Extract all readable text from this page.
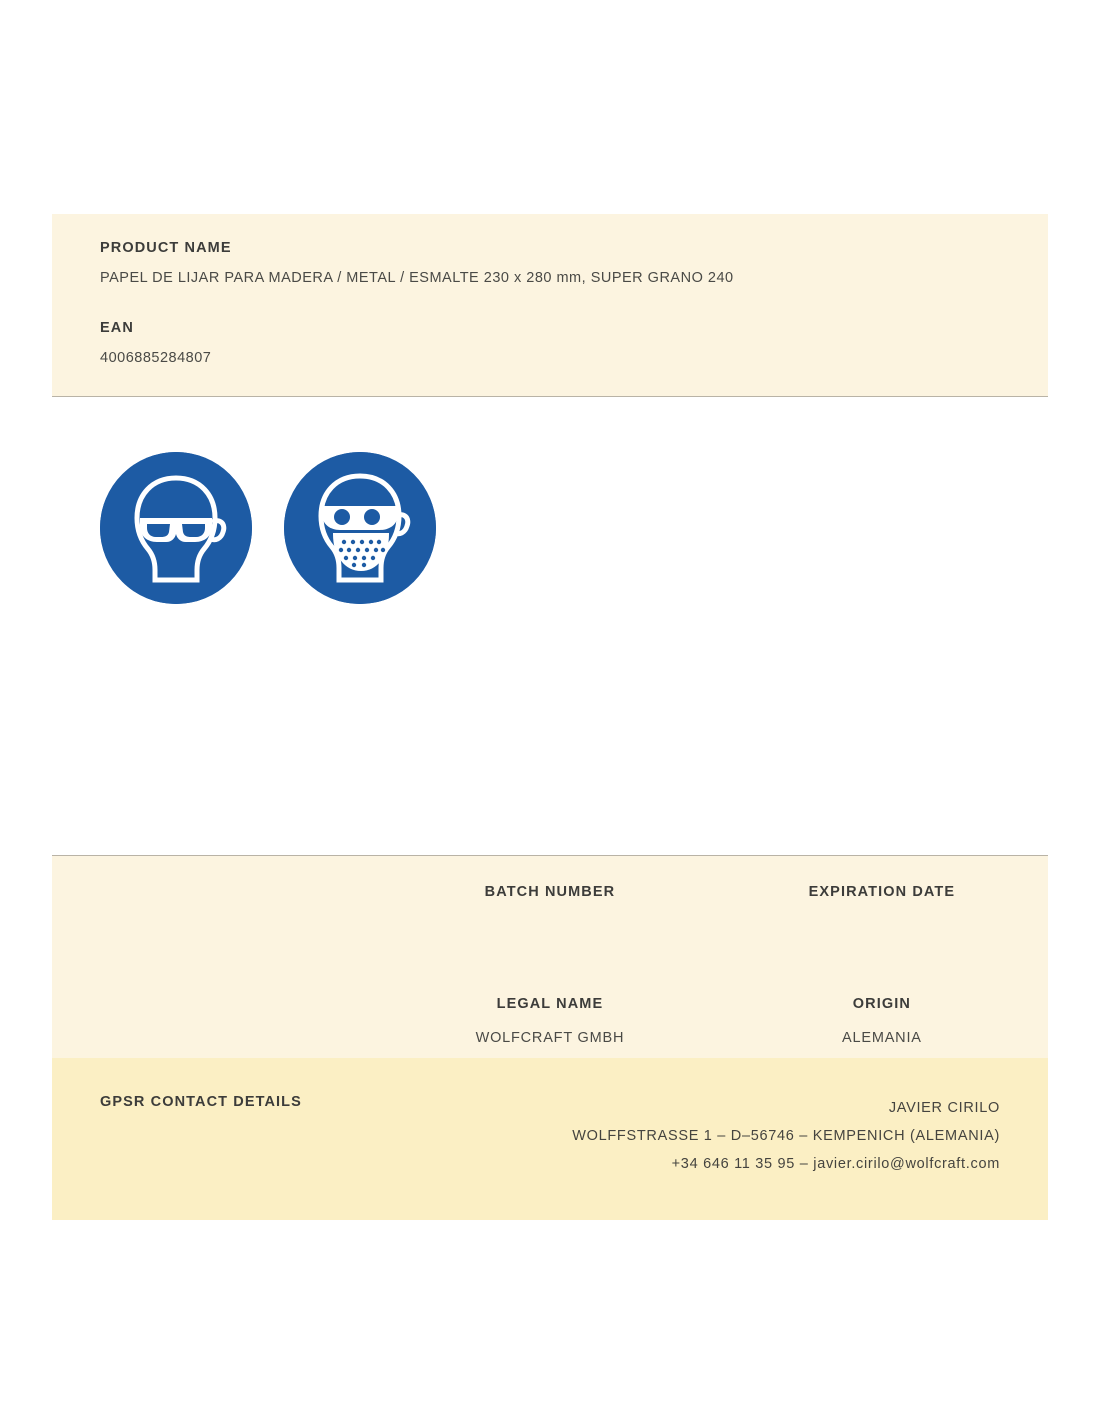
PRODUCT NAME
PAPEL DE LIJAR PARA MADERA / METAL / ESMALTE 230 x 280 mm, SUPER GRANO 240
EAN
4006885284807
BATCH NUMBER	EXPIRATION DATE
LEGAL NAME
WOLFCRAFT GMBH
ORIGIN
ALEMANIA
GPSR CONTACT DETAILS	JAVIER CIRILO
WOLFFSTRASSE 1 – D–56746 – KEMPENICH (ALEMANIA)
+34 646 11 35 95 – javier.cirilo@wolfcraft.com
